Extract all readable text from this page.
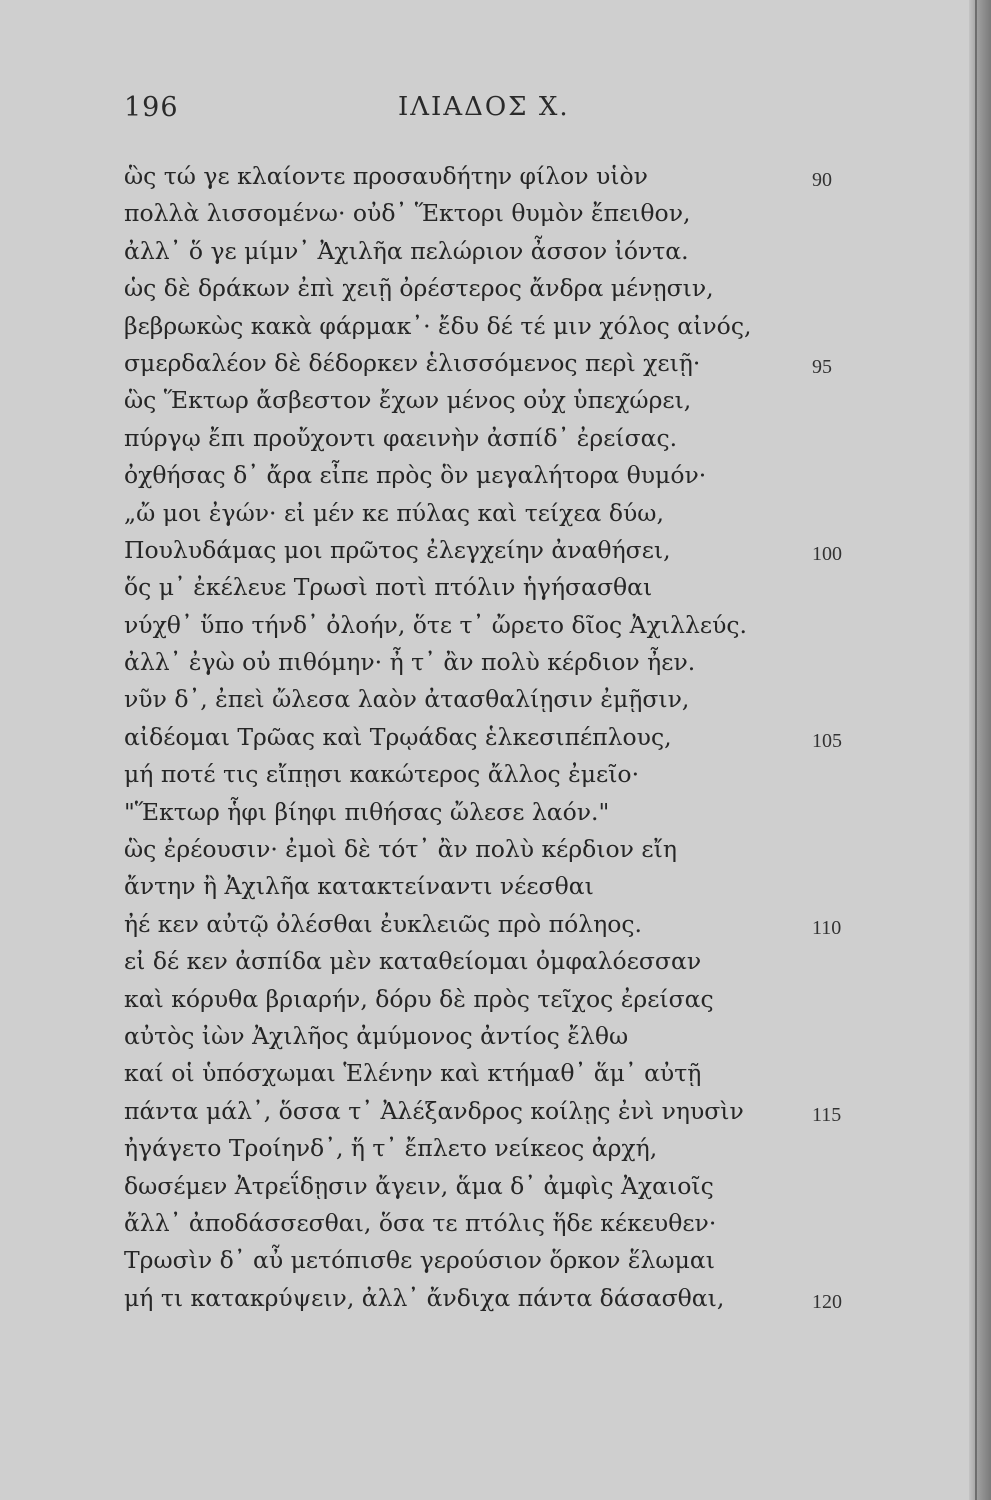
196	ΙΛΙΑΔΟΣ Χ.
ὣς τώ γε κλαίοντε προσαυδήτην φίλον υἱὸν	90
πολλὰ λισσομένω· οὐδ᾽ Ἕκτορι θυμὸν ἔπειθον,
ἀλλ᾽ ὅ γε μίμν᾽ Ἀχιλῆα πελώριον ἆσσον ἰόντα.
ὡς δὲ δράκων ἐπὶ χειῇ ὀρέστερος ἄνδρα μένῃσιν,
βεβρωκὼς κακὰ φάρμακ᾽· ἔδυ δέ τέ μιν χόλος αἰνός,
σμερδαλέον δὲ δέδορκεν ἑλισσόμενος περὶ χειῇ·	95
ὣς Ἕκτωρ ἄσβεστον ἔχων μένος οὐχ ὑπεχώρει,
πύργῳ ἔπι προὔχοντι φαεινὴν ἀσπίδ᾽ ἐρείσας.
ὀχθήσας δ᾽ ἄρα εἶπε πρὸς ὃν μεγαλήτορα θυμόν·
„ὤ μοι ἐγών· εἰ μέν κε πύλας καὶ τείχεα δύω,
Πουλυδάμας μοι πρῶτος ἐλεγχείην ἀναθήσει,	100
ὅς μ᾽ ἐκέλευε Τρωσὶ ποτὶ πτόλιν ἡγήσασθαι
νύχθ᾽ ὕπο τήνδ᾽ ὀλοήν, ὅτε τ᾽ ὤρετο δῖος Ἀχιλλεύς.
ἀλλ᾽ ἐγὼ οὐ πιθόμην· ἦ τ᾽ ἂν πολὺ κέρδιον ἦεν.
νῦν δ᾽, ἐπεὶ ὤλεσα λαὸν ἀτασθαλίῃσιν ἐμῇσιν,
αἰδέομαι Τρῶας καὶ Τρῳάδας ἑλκεσιπέπλους,	105
μή ποτέ τις εἴπῃσι κακώτερος ἄλλος ἐμεῖο·
"Ἕκτωρ ἧφι βίηφι πιθήσας ὤλεσε λαόν."
ὣς ἐρέουσιν· ἐμοὶ δὲ τότ᾽ ἂν πολὺ κέρδιον εἴη
ἄντην ἢ Ἀχιλῆα κατακτείναντι νέεσθαι
ἠέ κεν αὐτῷ ὀλέσθαι ἐυκλειῶς πρὸ πόληος.	110
εἰ δέ κεν ἀσπίδα μὲν καταθείομαι ὀμφαλόεσσαν
καὶ κόρυθα βριαρήν, δόρυ δὲ πρὸς τεῖχος ἐρείσας
αὐτὸς ἰὼν Ἀχιλῆος ἀμύμονος ἀντίος ἔλθω
καί οἱ ὑπόσχωμαι Ἑλένην καὶ κτήμαθ᾽ ἅμ᾽ αὐτῇ
πάντα μάλ᾽, ὅσσα τ᾽ Ἀλέξανδρος κοίλῃς ἐνὶ νηυσὶν	115
ἠγάγετο Τροίηνδ᾽, ἥ τ᾽ ἔπλετο νείκεος ἀρχή,
δωσέμεν Ἀτρεΐδῃσιν ἄγειν, ἅμα δ᾽ ἀμφὶς Ἀχαιοῖς
ἄλλ᾽ ἀποδάσσεσθαι, ὅσα τε πτόλις ἥδε κέκευθεν·
Τρωσὶν δ᾽ αὖ μετόπισθε γερούσιον ὅρκον ἕλωμαι
μή τι κατακρύψειν, ἀλλ᾽ ἄνδιχα πάντα δάσασθαι,	120
